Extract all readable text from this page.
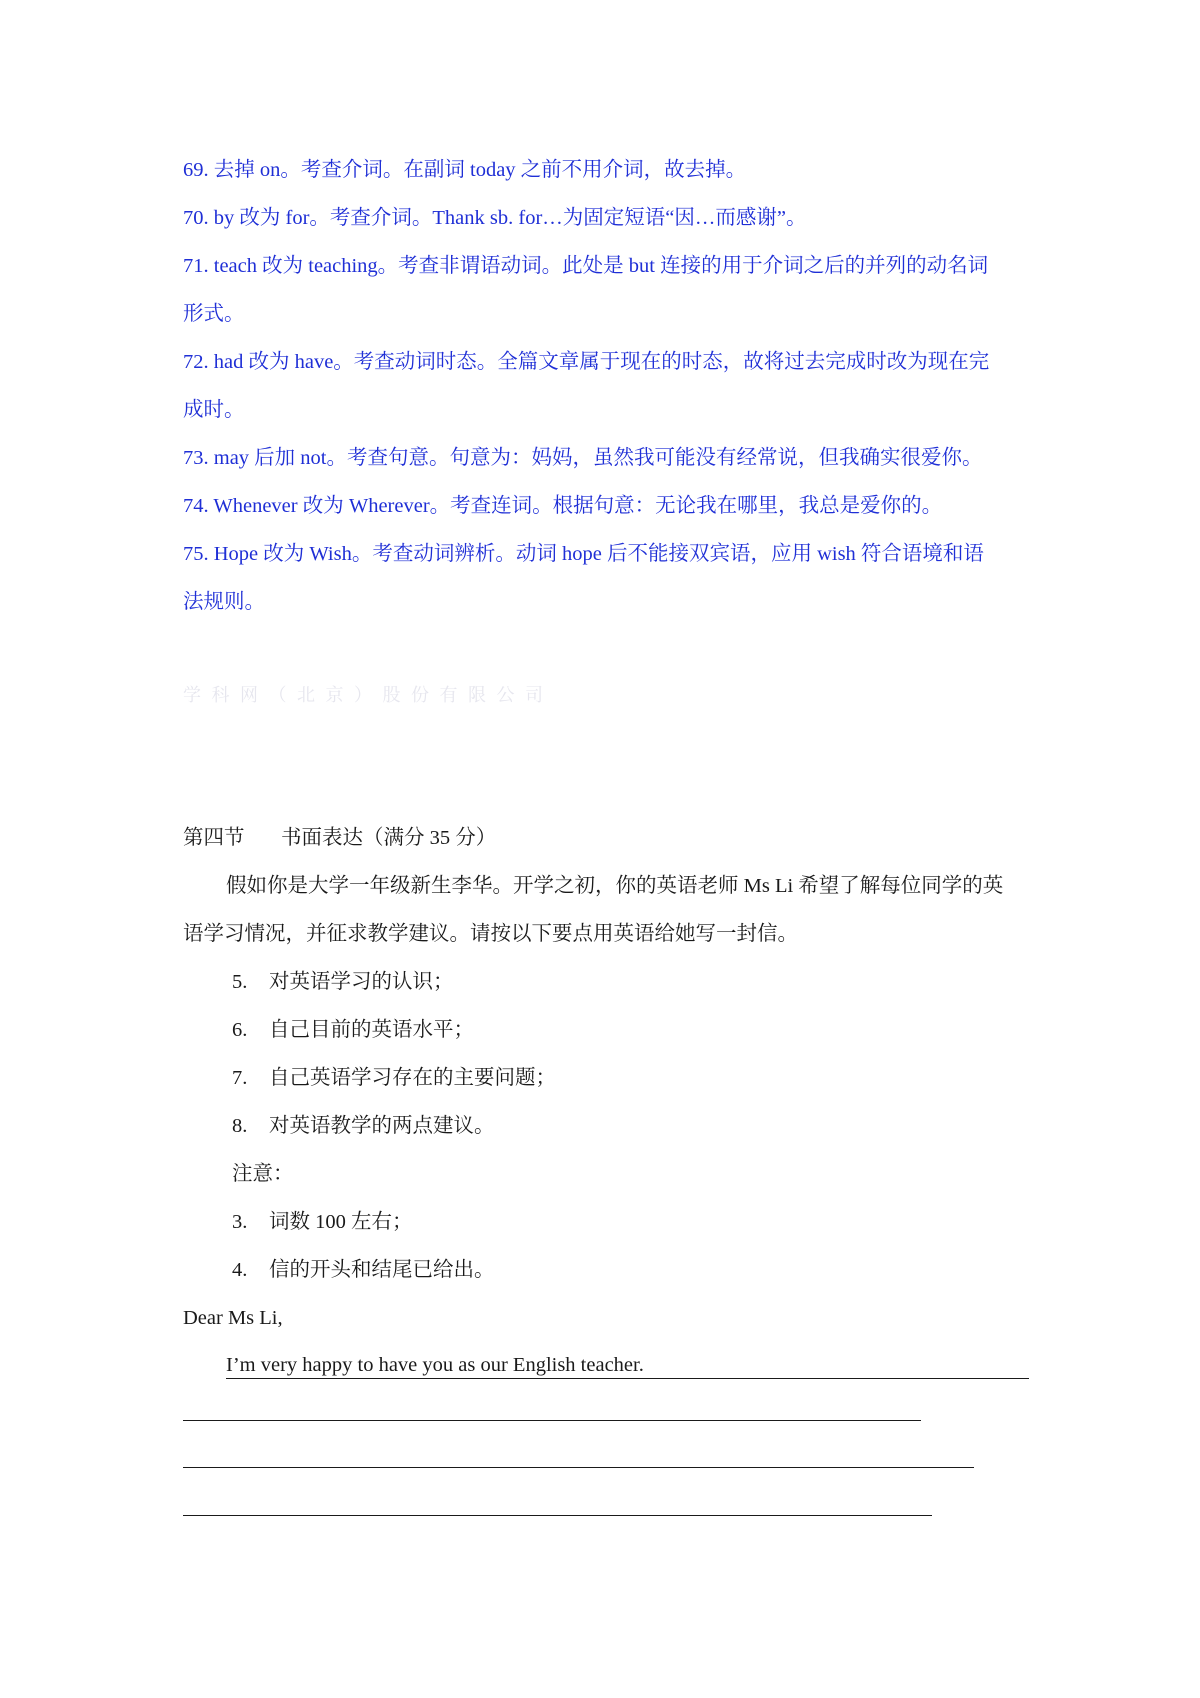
69. 去掉 on。考查介词。在副词 today 之前不用介词，故去掉。
70. by 改为 for。考查介词。Thank sb. for…为固定短语“因…而感谢”。
71. teach 改为 teaching。考查非谓语动词。此处是 but 连接的用于介词之后的并列的动名词
形式。
72. had 改为 have。考查动词时态。全篇文章属于现在的时态，故将过去完成时改为现在完
成时。
73. may 后加 not。考查句意。句意为：妈妈，虽然我可能没有经常说，但我确实很爱你。
74. Whenever 改为 Wherever。考查连词。根据句意：无论我在哪里，我总是爱你的。
75. Hope 改为 Wish。考查动词辨析。动词 hope 后不能接双宾语，应用 wish 符合语境和语
法规则。
学 科 网 （ 北 京 ） 股 份 有 限 公 司
第四节 书面表达（满分 35 分）
假如你是大学一年级新生李华。开学之初，你的英语老师 Ms Li 希望了解每位同学的英
语学习情况，并征求教学建议。请按以下要点用英语给她写一封信。
5. 对英语学习的认识；
6. 自己目前的英语水平；
7. 自己英语学习存在的主要问题；
8. 对英语教学的两点建议。
注意：
3. 词数 100 左右；
4. 信的开头和结尾已给出。
Dear Ms Li,
I’m very happy to have you as our English teacher.
